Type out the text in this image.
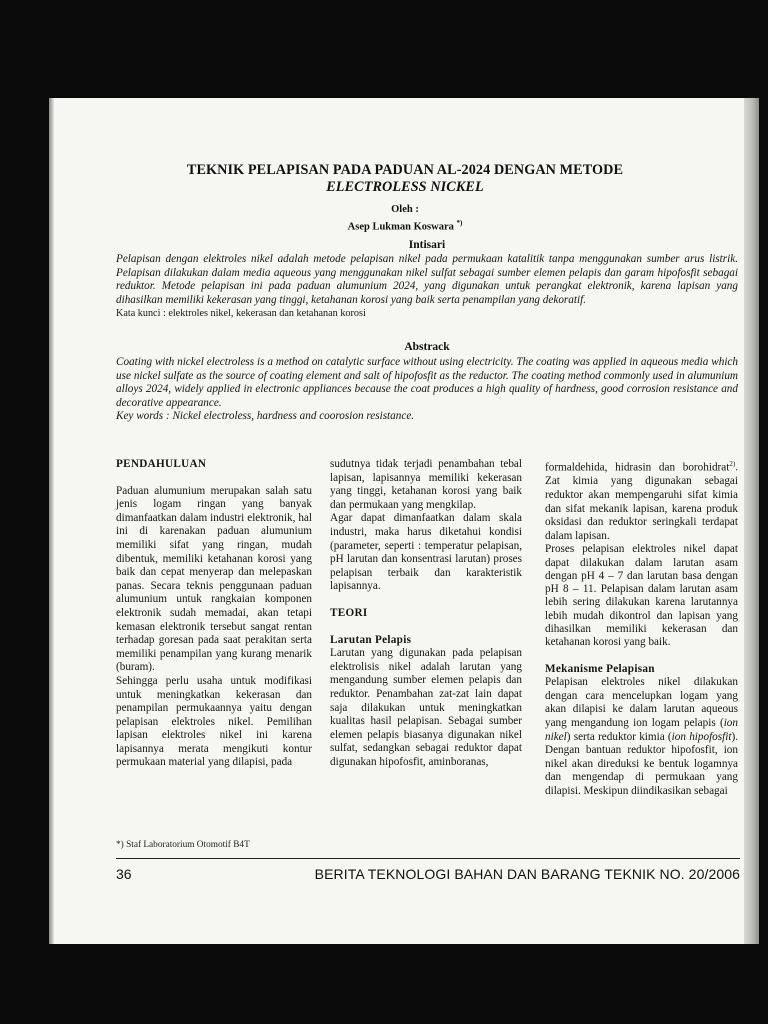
TEKNIK PELAPISAN PADA PADUAN AL-2024 DENGAN METODE
ELECTROLESS NICKEL
Oleh :
Asep Lukman Koswara *)
Intisari

Pelapisan dengan elektroles nikel adalah metode pelapisan nikel pada permukaan katalitik tanpa menggunakan sumber arus listrik. Pelapisan dilakukan dalam media aqueous yang menggunakan nikel sulfat sebagai sumber elemen pelapis dan garam hipofosfit sebagai reduktor. Metode pelapisan ini pada paduan alumunium 2024, yang digunakan untuk perangkat elektronik, karena lapisan yang dihasilkan memiliki kekerasan yang tinggi, ketahanan korosi yang baik serta penampilan yang dekoratif.

Kata kunci : elektroles nikel, kekerasan dan ketahanan korosi

Abstrack

Coating with nickel electroless is a method on catalytic surface without using electricity. The coating was applied in aqueous media which use nickel sulfate as the source of coating element and salt of hipofosfit as the reductor. The coating method commonly used in alumunium alloys 2024, widely applied in electronic appliances because the coat produces a high quality of hardness, good corrosion resistance and decorative appearance.

Key words : Nickel electroless, hardness and coorosion resistance.

PENDAHULUAN

Paduan alumunium merupakan salah satu jenis logam ringan yang banyak dimanfaatkan dalam industri elektronik, hal ini di karenakan paduan alumunium memiliki sifat yang ringan, mudah dibentuk, memiliki ketahanan korosi yang baik dan cepat menyerap dan melepaskan panas. Secara teknis penggunaan paduan alumunium untuk rangkaian komponen elektronik sudah memadai, akan tetapi kemasan elektronik tersebut sangat rentan terhadap goresan pada saat perakitan serta memiliki penampilan yang kurang menarik (buram).

Sehingga perlu usaha untuk modifikasi untuk meningkatkan kekerasan dan penampilan permukaannya yaitu dengan pelapisan elektroles nikel. Pemilihan lapisan elektroles nikel ini karena lapisannya merata mengikuti kontur permukaan material yang dilapisi, pada

sudutnya tidak terjadi penambahan tebal lapisan, lapisannya memiliki kekerasan yang tinggi, ketahanan korosi yang baik dan permukaan yang mengkilap.

Agar dapat dimanfaatkan dalam skala industri, maka harus diketahui kondisi (parameter, seperti : temperatur pelapisan, pH larutan dan konsentrasi larutan) proses pelapisan terbaik dan karakteristik lapisannya.

TEORI
Larutan Pelapis

Larutan yang digunakan pada pelapisan elektrolisis nikel adalah larutan yang mengandung sumber elemen pelapis dan reduktor. Penambahan zat-zat lain dapat saja dilakukan untuk meningkatkan kualitas hasil pelapisan. Sebagai sumber elemen pelapis biasanya digunakan nikel sulfat, sedangkan sebagai reduktor dapat digunakan hipofosfit, aminboranas,

formaldehida, hidrasin dan borohidrat$^{2)}$. Zat kimia yang digunakan sebagai reduktor akan mempengaruhi sifat kimia dan sifat mekanik lapisan, karena produk oksidasi dan reduktor seringkali terdapat dalam lapisan.

Proses pelapisan elektroles nikel dapat dapat dilakukan dalam larutan asam dengan pH 4 – 7 dan larutan basa dengan pH 8 – 11. Pelapisan dalam larutan asam lebih sering dilakukan karena larutannya lebih mudah dikontrol dan lapisan yang dihasilkan memiliki kekerasan dan ketahanan korosi yang baik.

Mekanisme Pelapisan

Pelapisan elektroles nikel dilakukan dengan cara mencelupkan logam yang akan dilapisi ke dalam larutan aqueous yang mengandung ion logam pelapis (ion nikel) serta reduktor kimia (ion hipofosfit). Dengan bantuan reduktor hipofosfit, ion nikel akan direduksi ke bentuk logamnya dan mengendap di permukaan yang dilapisi. Meskipun diindikasikan sebagai

*) Staf Laboratorium Otomotif B4T
36	BERITA TEKNOLOGI BAHAN DAN BARANG TEKNIK NO. 20/2006
